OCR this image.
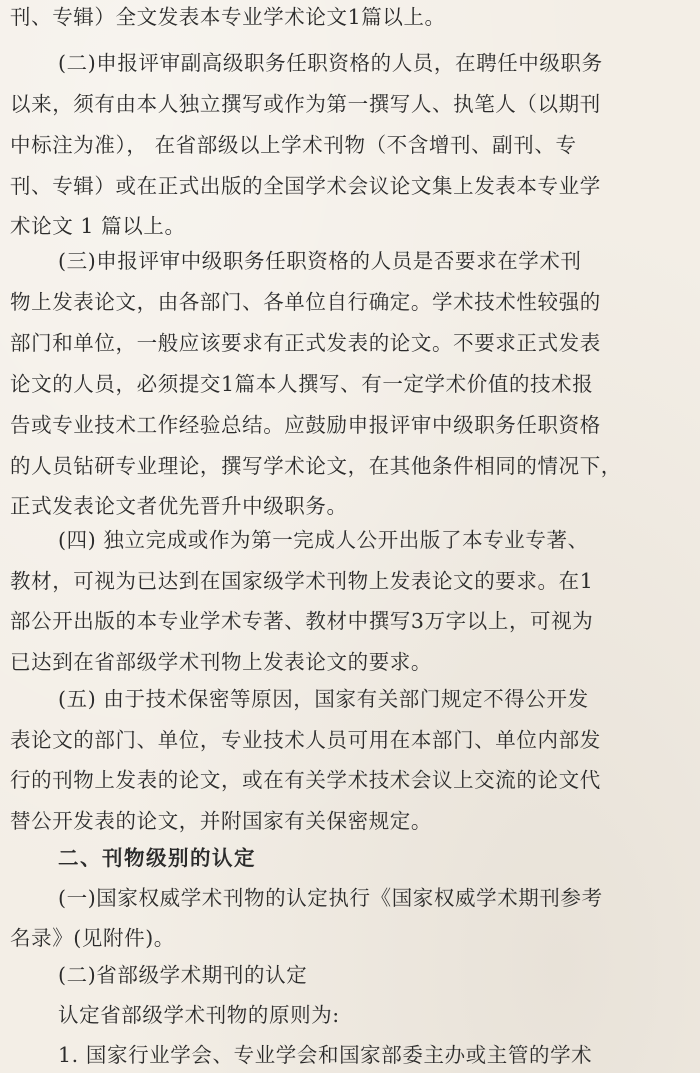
刊、专辑）全文发表本专业学术论文1篇以上。
(二)申报评审副高级职务任职资格的人员，在聘任中级职务
以来，须有由本人独立撰写或作为第一撰写人、执笔人（以期刊
中标注为准）， 在省部级以上学术刊物（不含增刊、副刊、专
刊、专辑）或在正式出版的全国学术会议论文集上发表本专业学
术论文 1 篇以上。
(三)申报评审中级职务任职资格的人员是否要求在学术刊
物上发表论文，由各部门、各单位自行确定。学术技术性较强的
部门和单位，一般应该要求有正式发表的论文。不要求正式发表
论文的人员，必须提交1篇本人撰写、有一定学术价值的技术报
告或专业技术工作经验总结。应鼓励申报评审中级职务任职资格
的人员钻研专业理论，撰写学术论文，在其他条件相同的情况下，
正式发表论文者优先晋升中级职务。
(四) 独立完成或作为第一完成人公开出版了本专业专著、
教材，可视为已达到在国家级学术刊物上发表论文的要求。在1
部公开出版的本专业学术专著、教材中撰写3万字以上，可视为
已达到在省部级学术刊物上发表论文的要求。
(五) 由于技术保密等原因，国家有关部门规定不得公开发
表论文的部门、单位，专业技术人员可用在本部门、单位内部发
行的刊物上发表的论文，或在有关学术技术会议上交流的论文代
替公开发表的论文，并附国家有关保密规定。
二、刊物级别的认定
(一)国家权威学术刊物的认定执行《国家权威学术期刊参考
名录》(见附件)。
(二)省部级学术期刊的认定
认定省部级学术刊物的原则为:
1. 国家行业学会、专业学会和国家部委主办或主管的学术
